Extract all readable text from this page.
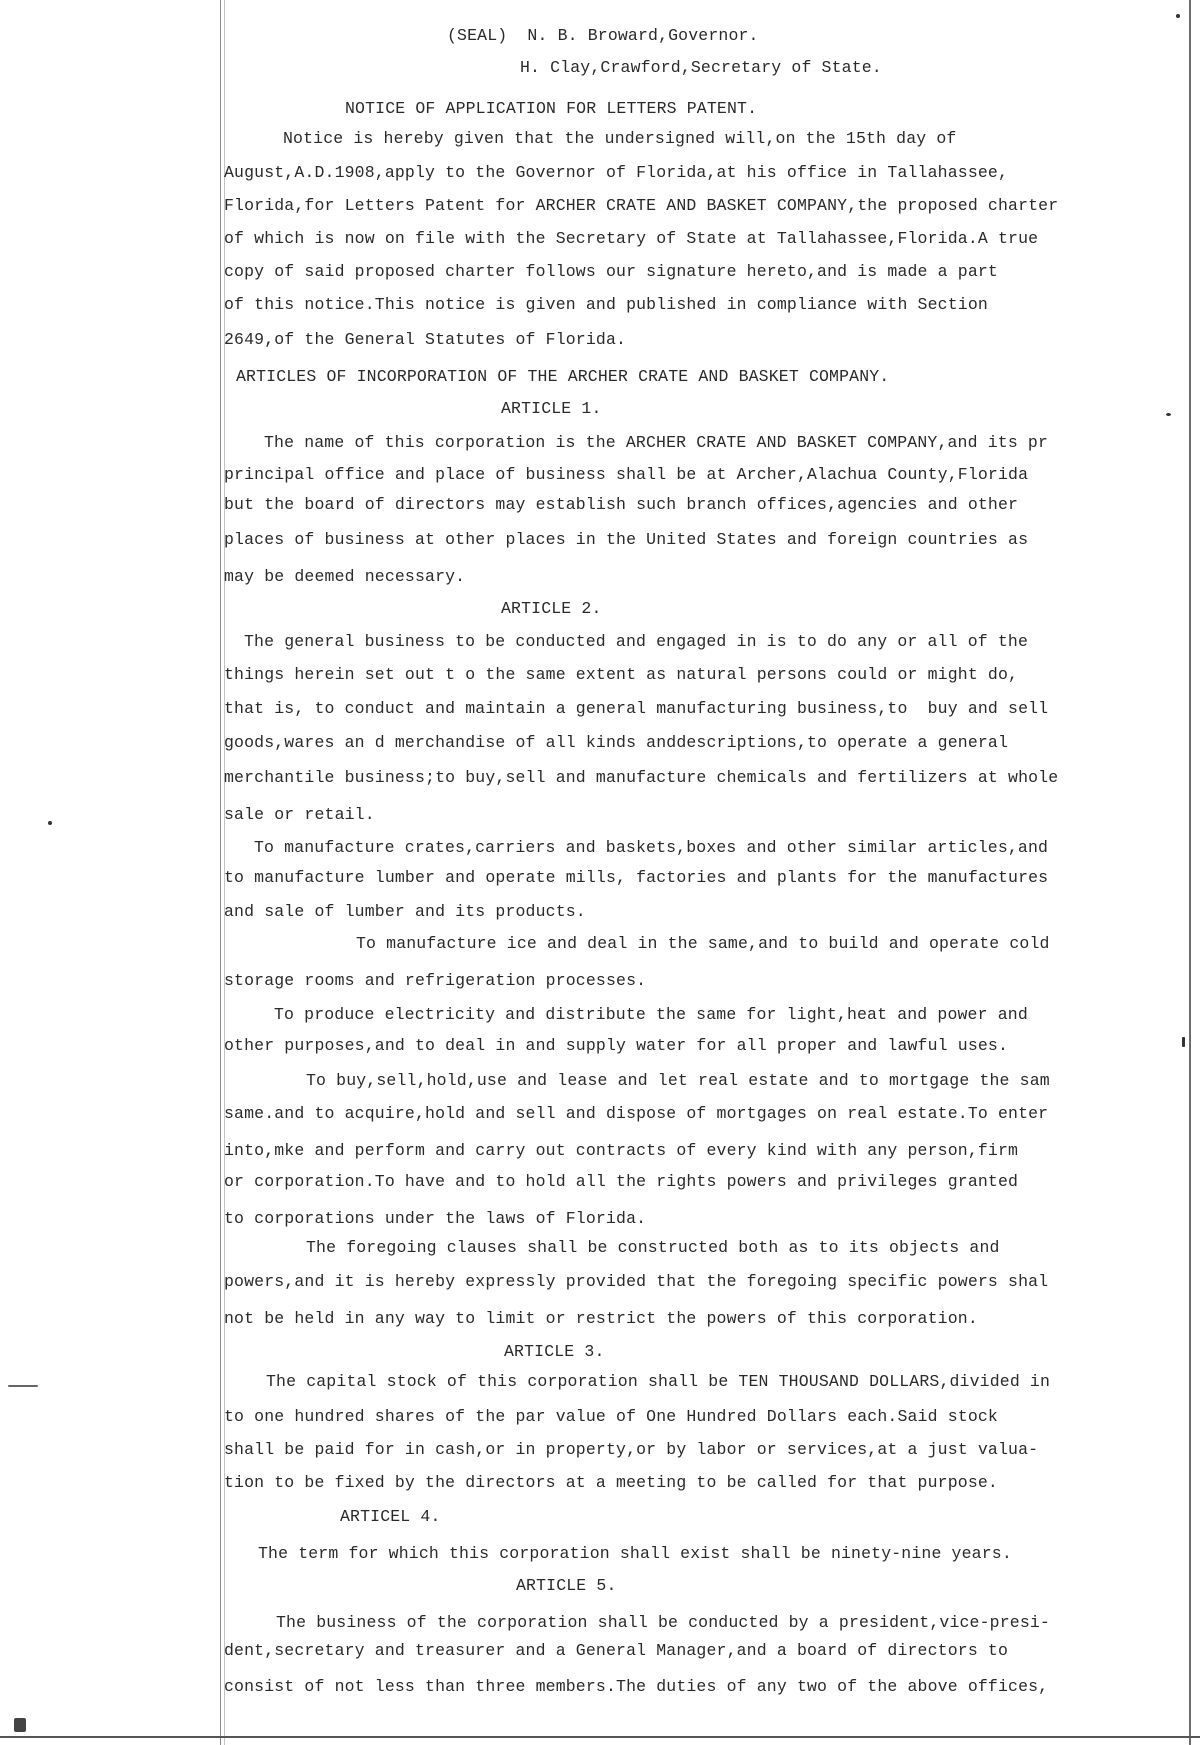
(SEAL)  N. B. Broward,Governor.
H. Clay,Crawford,Secretary of State.
NOTICE OF APPLICATION FOR LETTERS PATENT.
Notice is hereby given that the undersigned will,on the 15th day of
August,A.D.1908,apply to the Governor of Florida,at his office in Tallahassee,
Florida,for Letters Patent for ARCHER CRATE AND BASKET COMPANY,the proposed charter
of which is now on file with the Secretary of State at Tallahassee,Florida.A true
copy of said proposed charter follows our signature hereto,and is made a part
of this notice.This notice is given and published in compliance with Section
2649,of the General Statutes of Florida.
ARTICLES OF INCORPORATION OF THE ARCHER CRATE AND BASKET COMPANY.
ARTICLE 1.
The name of this corporation is the ARCHER CRATE AND BASKET COMPANY,and its pr
principal office and place of business shall be at Archer,Alachua County,Florida
but the board of directors may establish such branch offices,agencies and other
places of business at other places in the United States and foreign countries as
may be deemed necessary.
ARTICLE 2.
The general business to be conducted and engaged in is to do any or all of the
things herein set out t o the same extent as natural persons could or might do,
that is, to conduct and maintain a general manufacturing business,to  buy and sell
goods,wares an d merchandise of all kinds anddescriptions,to operate a general
merchantile business;to buy,sell and manufacture chemicals and fertilizers at whole
sale or retail.
To manufacture crates,carriers and baskets,boxes and other similar articles,and
to manufacture lumber and operate mills, factories and plants for the manufactures
and sale of lumber and its products.
To manufacture ice and deal in the same,and to build and operate cold
storage rooms and refrigeration processes.
To produce electricity and distribute the same for light,heat and power and
other purposes,and to deal in and supply water for all proper and lawful uses.
To buy,sell,hold,use and lease and let real estate and to mortgage the sam
same.and to acquire,hold and sell and dispose of mortgages on real estate.To enter
into,mke and perform and carry out contracts of every kind with any person,firm
or corporation.To have and to hold all the rights powers and privileges granted
to corporations under the laws of Florida.
The foregoing clauses shall be constructed both as to its objects and
powers,and it is hereby expressly provided that the foregoing specific powers shal
not be held in any way to limit or restrict the powers of this corporation.
ARTICLE 3.
The capital stock of this corporation shall be TEN THOUSAND DOLLARS,divided in
to one hundred shares of the par value of One Hundred Dollars each.Said stock
shall be paid for in cash,or in property,or by labor or services,at a just valua-
tion to be fixed by the directors at a meeting to be called for that purpose.
ARTICEL 4.
The term for which this corporation shall exist shall be ninety-nine years.
ARTICLE 5.
The business of the corporation shall be conducted by a president,vice-presi-
dent,secretary and treasurer and a General Manager,and a board of directors to
consist of not less than three members.The duties of any two of the above offices,
